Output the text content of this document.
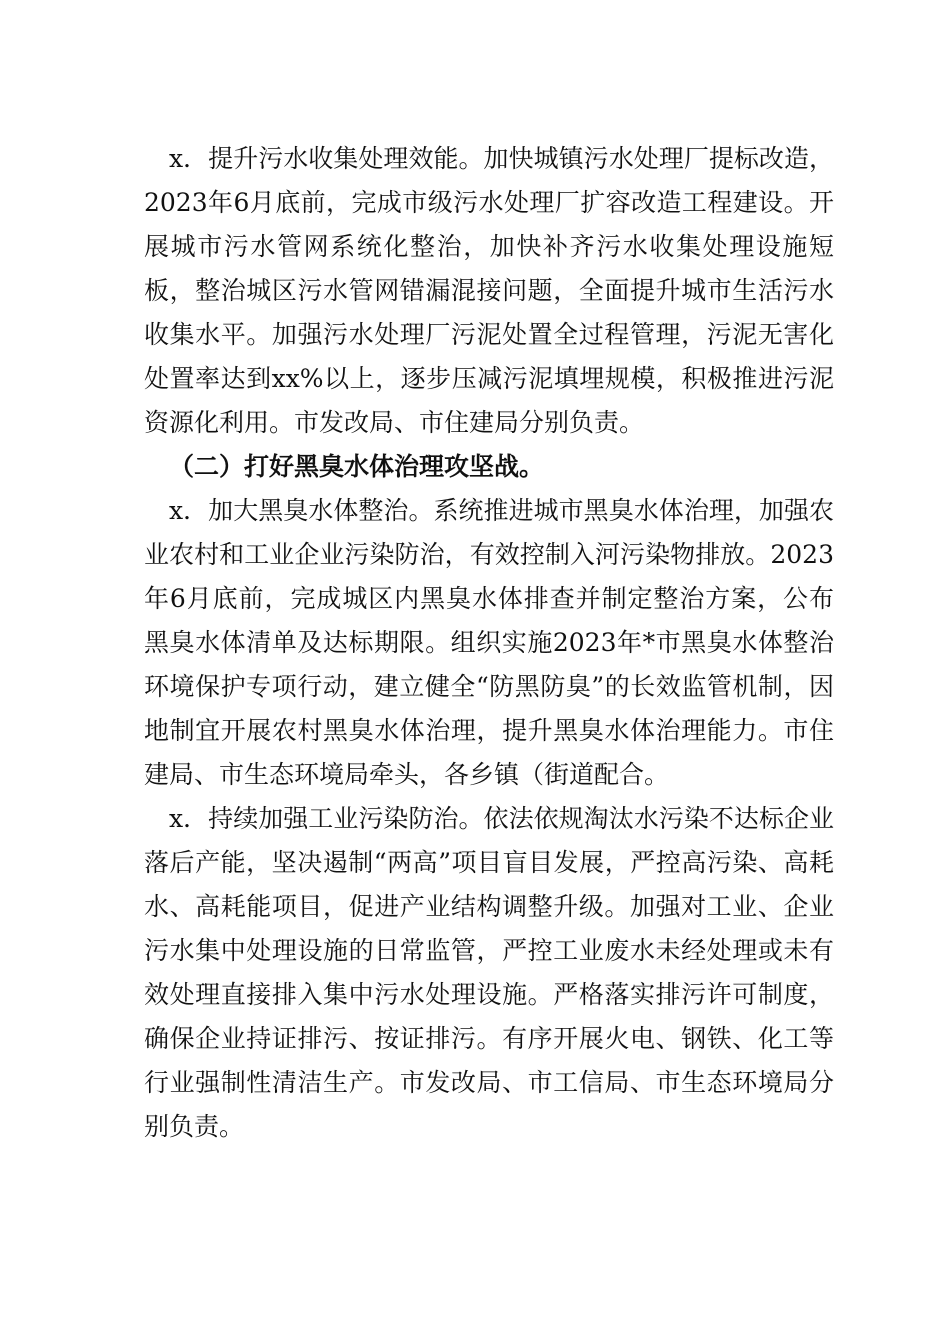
x．提升污水收集处理效能。加快城镇污水处理厂提标改造，2023年6月底前，完成市级污水处理厂扩容改造工程建设。开展城市污水管网系统化整治，加快补齐污水收集处理设施短板，整治城区污水管网错漏混接问题，全面提升城市生活污水收集水平。加强污水处理厂污泥处置全过程管理，污泥无害化处置率达到xx%以上，逐步压减污泥填埋规模，积极推进污泥资源化利用。市发改局、市住建局分别负责。

（二）打好黑臭水体治理攻坚战。

x．加大黑臭水体整治。系统推进城市黑臭水体治理，加强农业农村和工业企业污染防治，有效控制入河污染物排放。2023年6月底前，完成城区内黑臭水体排查并制定整治方案，公布黑臭水体清单及达标期限。组织实施2023年*市黑臭水体整治环境保护专项行动，建立健全“防黑防臭”的长效监管机制，因地制宜开展农村黑臭水体治理，提升黑臭水体治理能力。市住建局、市生态环境局牵头，各乡镇（街道配合。

x．持续加强工业污染防治。依法依规淘汰水污染不达标企业落后产能，坚决遏制“两高”项目盲目发展，严控高污染、高耗水、高耗能项目，促进产业结构调整升级。加强对工业、企业污水集中处理设施的日常监管，严控工业废水未经处理或未有效处理直接排入集中污水处理设施。严格落实排污许可制度，确保企业持证排污、按证排污。有序开展火电、钢铁、化工等行业强制性清洁生产。市发改局、市工信局、市生态环境局分别负责。
